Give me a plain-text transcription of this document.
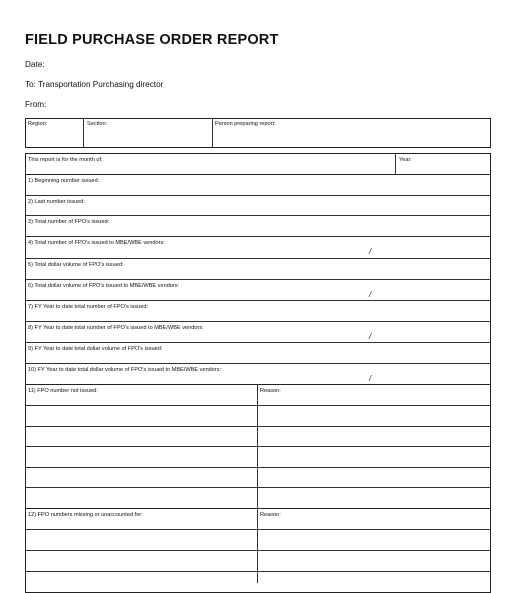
FIELD PURCHASE ORDER REPORT
Date:
To: Transportation Purchasing director
From:
Region:	Section:	Person preparing report:
This report is for the month of:	Year:
1) Beginning number issued:
2) Last number issued:
3) Total number of FPO's issued:
4) Total number of FPO's issued to MBE/WBE vendors:
/
5) Total dollar volume of FPO's issued:
6) Total dollar volume of FPO's issued to MBE/WBE vendors:
/
7) FY Year to date total number of FPO's issued:
8) FY Year to date total number of FPO's issued to MBE/WBE vendors:
/
9) FY Year to date total dollar volume of FPO's issued:
10) FY Year to date total dollar volume of FPO's issued to MBE/WBE vendors:
/
11) FPO number not issued:	Reason:
12) FPO numbers missing or unaccounted for:	Reason:
